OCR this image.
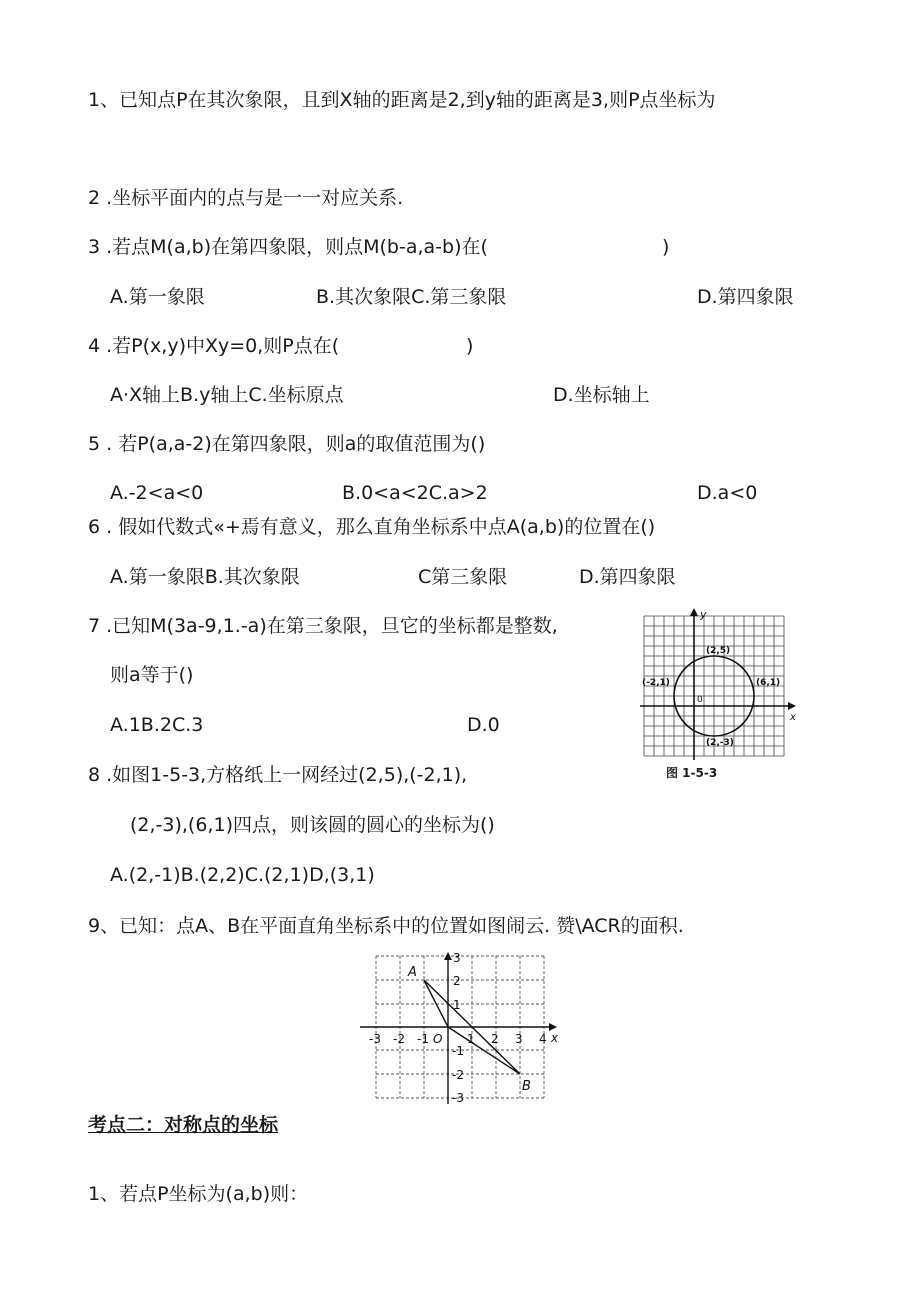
1、已知点P在其次象限，且到X轴的距离是2,到y轴的距离是3,则P点坐标为
2 .坐标平面内的点与是一一对应关系.
3 .若点M(a,b)在第四象限，则点M(b-a,a-b)在(	)
A.第一象限	B.其次象限C.第三象限	D.第四象限
4 .若P(x,y)中Xy=0,则P点在(	)
A·X轴上B.y轴上C.坐标原点	D.坐标轴上
5 . 若P(a,a-2)在第四象限，则a的取值范围为()
A.-2<a<0	B.0<a<2C.a>2	D.a<0
6 . 假如代数式«+焉有意义，那么直角坐标系中点A(a,b)的位置在()
A.第一象限B.其次象限	C第三象限	D.第四象限
7 .已知M(3a-9,1.-a)在第三象限，旦它的坐标都是整数,
则a等于()
A.1B.2C.3	D.0
8 .如图1-5-3,方格纸上一网经过(2,5),(-2,1),
(2,-3),(6,1)四点，则该圆的圆心的坐标为()
A.(2,-1)B.(2,2)C.(2,1)D,(3,1)
9、已知：点A、B在平面直角坐标系中的位置如图闹云. 赞\ACR的面积.
y
x
0
(2,5)
(-2,1)	(6,1)
(2,-3)
图 1-5-3
-3 -2 -1 O 1 2 3 4 x
3
2
1
-1
-2
-3
A
B
考点二：对称点的坐标
1、若点P坐标为(a,b)则：
